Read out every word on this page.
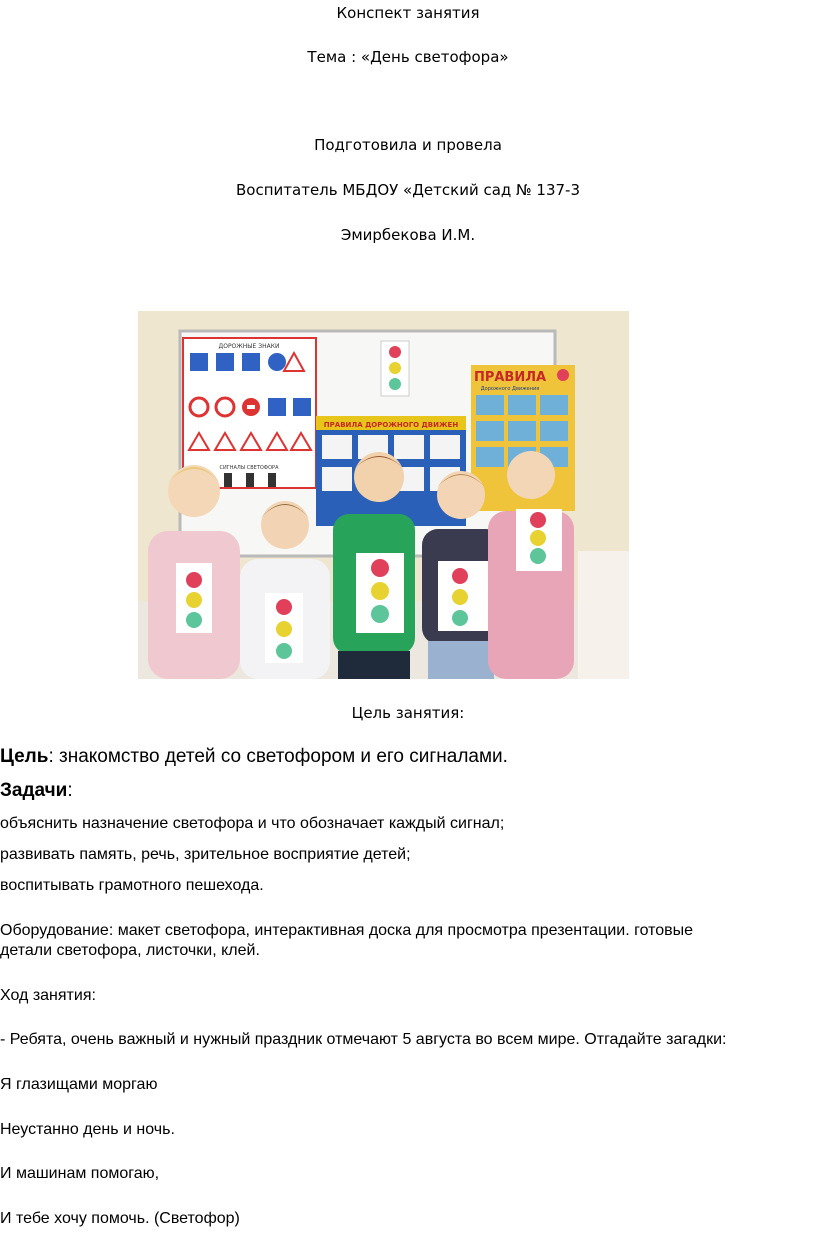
Конспект занятия
Тема : «День светофора»
Подготовила и провела
Воспитатель МБДОУ «Детский сад № 137-3
Эмирбекова И.М.
ДОРОЖНЫЕ ЗНАКИ
СИГНАЛЫ СВЕТОФОРА
ПРАВИЛА ДОРОЖНОГО ДВИЖЕН
ПРАВИЛА
Дорожного Движения
Цель занятия:
Цель: знакомство детей со светофором и его сигналами.
Задачи:
объяснить назначение светофора и что обозначает каждый сигнал;
развивать память, речь, зрительное восприятие детей;
воспитывать грамотного пешехода.
Оборудование: макет светофора, интерактивная доска для просмотра презентации. готовые
детали светофора, листочки, клей.
Ход занятия:
- Ребята, очень важный и нужный праздник отмечают 5 августа во всем мире. Отгадайте загадки:
Я глазищами моргаю
Неустанно день и ночь.
И машинам помогаю,
И тебе хочу помочь. (Светофор)
